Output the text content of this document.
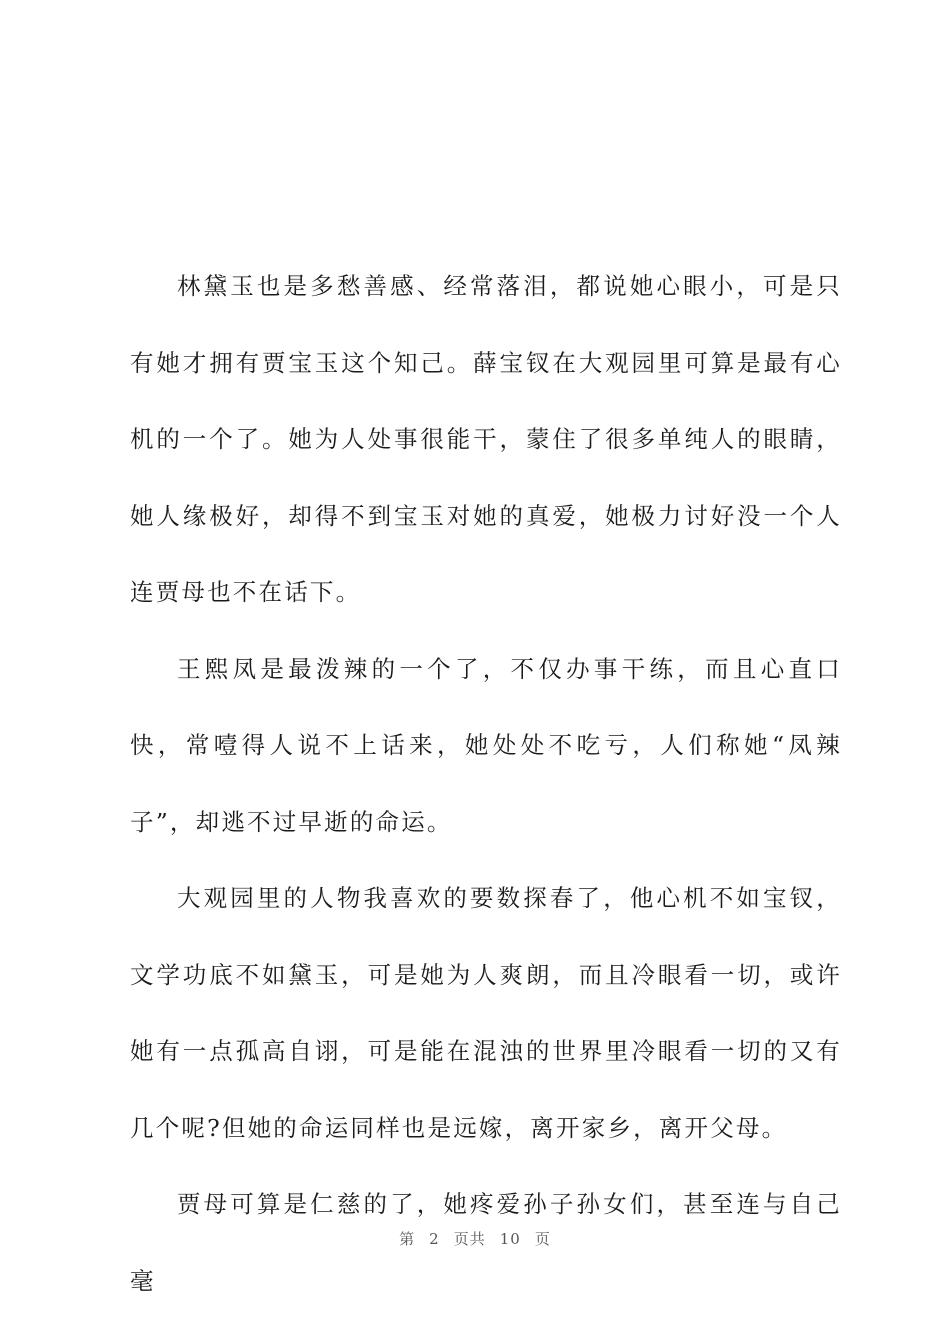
林黛玉也是多愁善感、经常落泪，都说她心眼小，可是只有她才拥有贾宝玉这个知己。薛宝钗在大观园里可算是最有心机的一个了。她为人处事很能干，蒙住了很多单纯人的眼睛，她人缘极好，却得不到宝玉对她的真爱，她极力讨好没一个人连贾母也不在话下。

王熙凤是最泼辣的一个了，不仅办事干练，而且心直口快，常噎得人说不上话来，她处处不吃亏，人们称她“凤辣子”，却逃不过早逝的命运。

大观园里的人物我喜欢的要数探春了，他心机不如宝钗，文学功底不如黛玉，可是她为人爽朗，而且冷眼看一切，或许她有一点孤高自诩，可是能在混浊的世界里冷眼看一切的又有几个呢?但她的命运同样也是远嫁，离开家乡，离开父母。

贾母可算是仁慈的了，她疼爱孙子孙女们，甚至连与自己毫

第 2 页共 10 页
